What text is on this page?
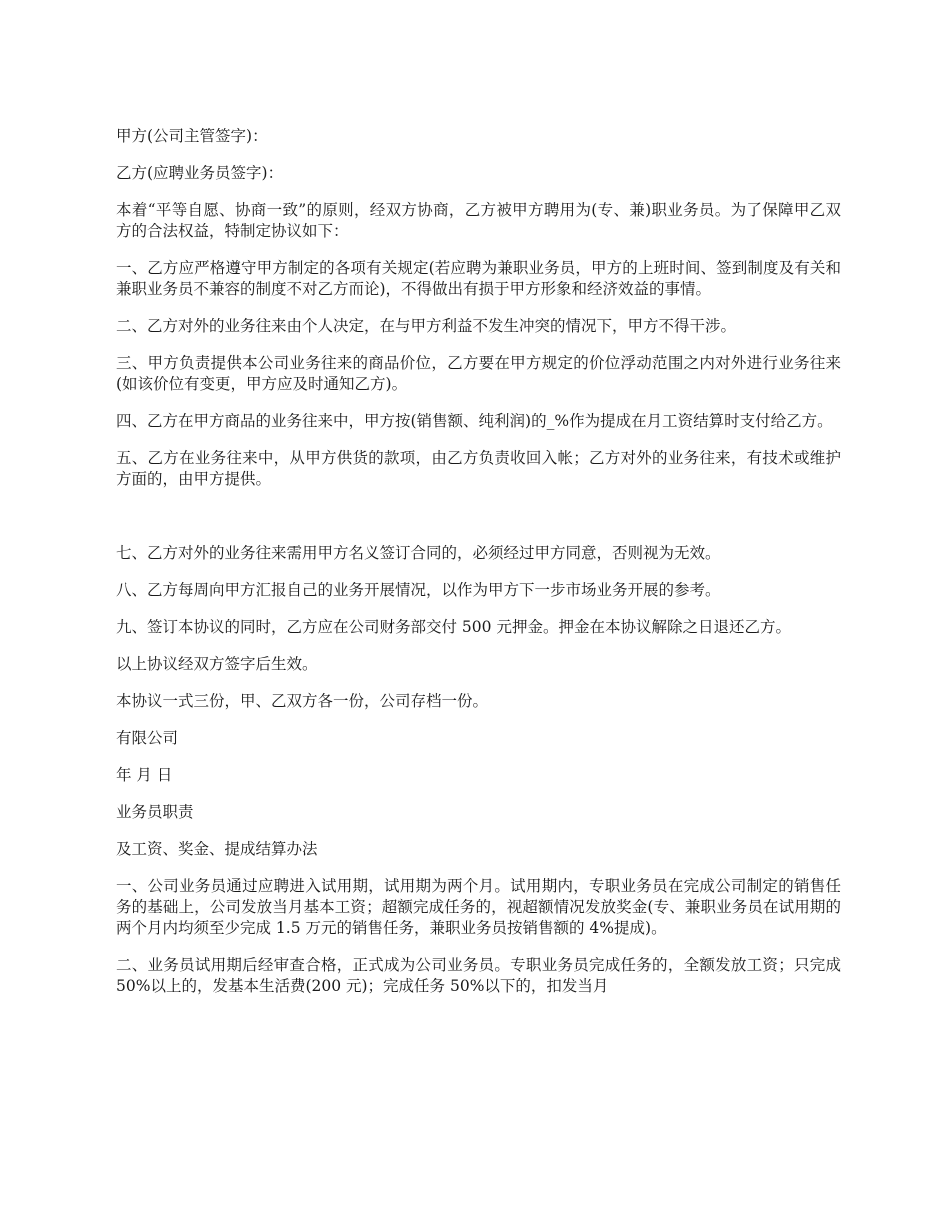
甲方(公司主管签字)：

乙方(应聘业务员签字)：

本着“平等自愿、协商一致”的原则，经双方协商，乙方被甲方聘用为(专、兼)职业务员。为了保障甲乙双方的合法权益，特制定协议如下：

一、乙方应严格遵守甲方制定的各项有关规定(若应聘为兼职业务员，甲方的上班时间、签到制度及有关和兼职业务员不兼容的制度不对乙方而论)，不得做出有损于甲方形象和经济效益的事情。

二、乙方对外的业务往来由个人决定，在与甲方利益不发生冲突的情况下，甲方不得干涉。

三、甲方负责提供本公司业务往来的商品价位，乙方要在甲方规定的价位浮动范围之内对外进行业务往来(如该价位有变更，甲方应及时通知乙方)。

四、乙方在甲方商品的业务往来中，甲方按(销售额、纯利润)的_%作为提成在月工资结算时支付给乙方。

五、乙方在业务往来中，从甲方供货的款项，由乙方负责收回入帐；乙方对外的业务往来，有技术或维护方面的，由甲方提供。

七、乙方对外的业务往来需用甲方名义签订合同的，必须经过甲方同意，否则视为无效。

八、乙方每周向甲方汇报自己的业务开展情况，以作为甲方下一步市场业务开展的参考。

九、签订本协议的同时，乙方应在公司财务部交付 500 元押金。押金在本协议解除之日退还乙方。

以上协议经双方签字后生效。

本协议一式三份，甲、乙双方各一份，公司存档一份。

有限公司

年 月 日

业务员职责

及工资、奖金、提成结算办法

一、公司业务员通过应聘进入试用期，试用期为两个月。试用期内，专职业务员在完成公司制定的销售任务的基础上，公司发放当月基本工资；超额完成任务的，视超额情况发放奖金(专、兼职业务员在试用期的两个月内均须至少完成 1.5 万元的销售任务，兼职业务员按销售额的 4%提成)。

二、业务员试用期后经审查合格，正式成为公司业务员。专职业务员完成任务的，全额发放工资；只完成 50%以上的，发基本生活费(200 元)；完成任务 50%以下的，扣发当月
